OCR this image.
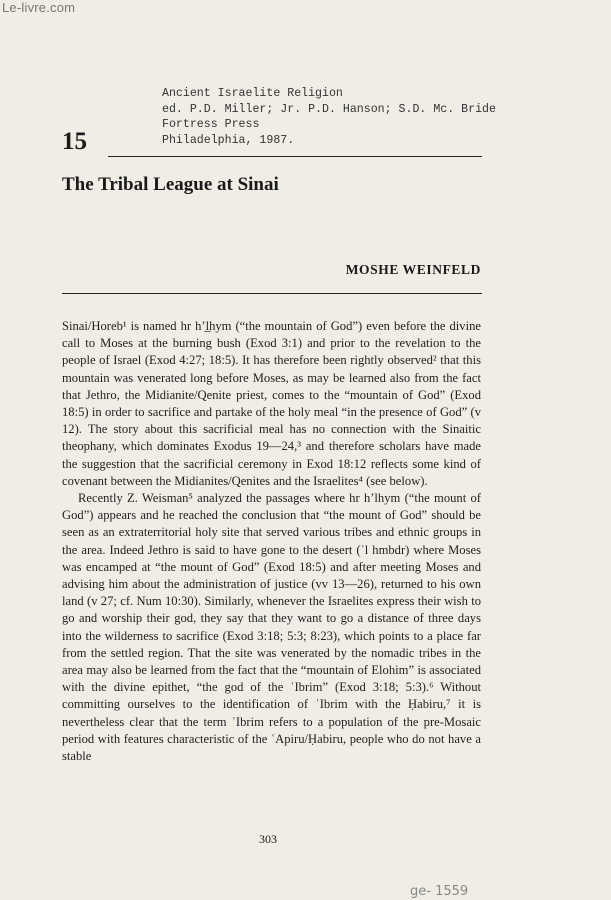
Le-livre.com
Ancient Israelite Religion
ed. P.D. Miller; Jr. P.D. Hanson; S.D. Mc. Bride
Fortress Press
Philadelphia, 1987.
15
The Tribal League at Sinai
MOSHE WEINFELD

Sinai/Horeb¹ is named hr hʼl̲hym (“the mountain of God”) even before the divine call to Moses at the burning bush (Exod 3:1) and prior to the revelation to the people of Israel (Exod 4:27; 18:5). It has therefore been rightly observed² that this mountain was venerated long before Moses, as may be learned also from the fact that Jethro, the Midianite/Qenite priest, comes to the “mountain of God” (Exod 18:5) in order to sacrifice and partake of the holy meal “in the presence of God” (v 12). The story about this sacrificial meal has no connection with the Sinaitic theophany, which dominates Exodus 19—24,³ and therefore scholars have made the suggestion that the sacrificial ceremony in Exod 18:12 reflects some kind of covenant between the Midianites/Qenites and the Israelites⁴ (see below).

Recently Z. Weisman⁵ analyzed the passages where hr hʼlhym (“the mount of God”) appears and he reached the conclusion that “the mount of God” should be seen as an extraterritorial holy site that served various tribes and ethnic groups in the area. Indeed Jethro is said to have gone to the desert (ʾl hmbdr) where Moses was encamped at “the mount of God” (Exod 18:5) and after meeting Moses and advising him about the administration of justice (vv 13—26), returned to his own land (v 27; cf. Num 10:30). Similarly, whenever the Israelites express their wish to go and worship their god, they say that they want to go a distance of three days into the wilderness to sacrifice (Exod 3:18; 5:3; 8:23), which points to a place far from the settled region. That the site was venerated by the nomadic tribes in the area may also be learned from the fact that the “mountain of Elohim” is associated with the divine epithet, “the god of the ʿIbrim” (Exod 3:18; 5:3).⁶ Without committing ourselves to the identification of ʿIbrim with the Ḥabiru,⁷ it is nevertheless clear that the term ʿIbrim refers to a population of the pre-Mosaic period with features characteristic of the ʿApiru/Ḥabiru, people who do not have a stable

303
ge- 1559
